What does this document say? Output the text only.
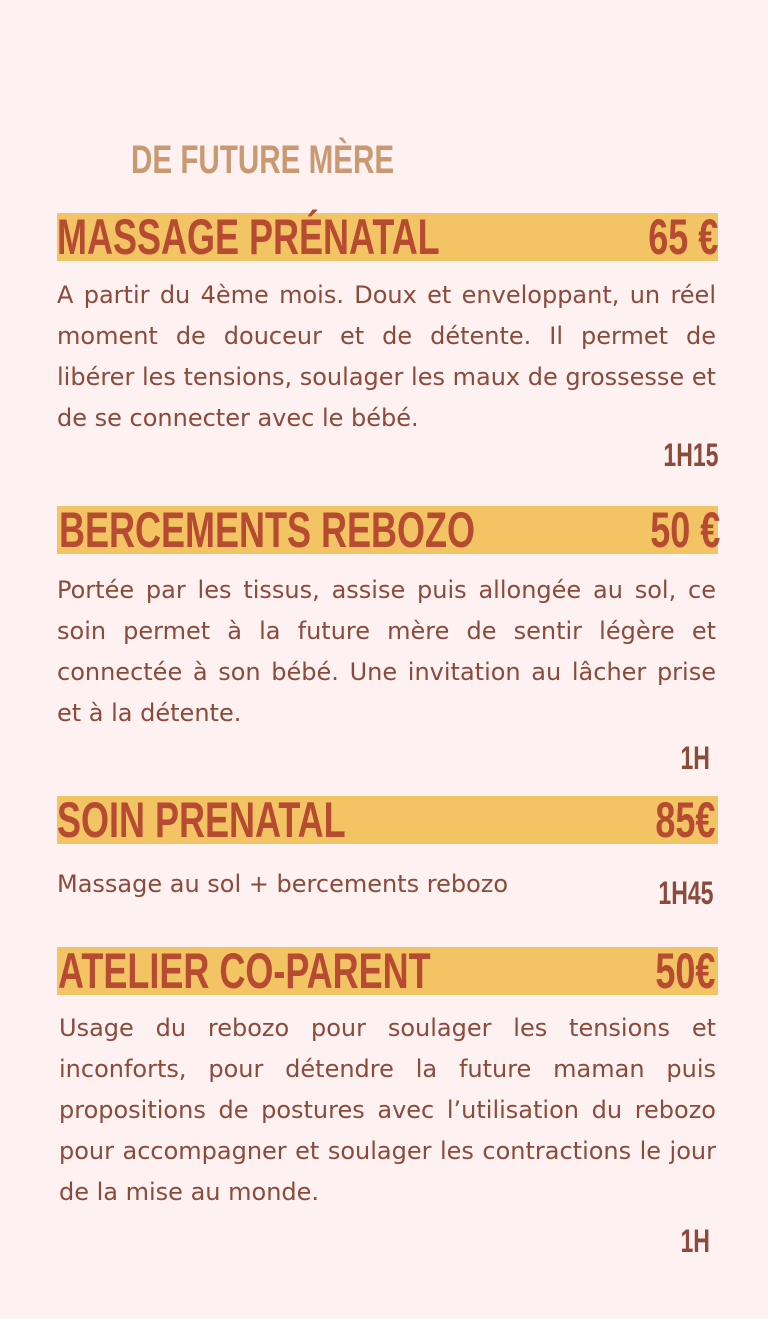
DE FUTURE MÈRE
MASSAGE PRÉNATAL	65 €

A partir du 4ème mois. Doux et enveloppant, un réel moment de douceur et de détente. Il permet de libérer les tensions, soulager les maux de grossesse et de se connecter avec le bébé.

1H15
BERCEMENTS REBOZO	50 €

Portée par les tissus, assise puis allongée au sol, ce soin permet à la future mère de sentir légère et connectée à son bébé. Une invitation au lâcher prise et à la détente.

1H
SOIN PRENATAL	85€

Massage au sol + bercements rebozo	1H45
ATELIER CO-PARENT	50€

Usage du rebozo pour soulager les tensions et inconforts, pour détendre la future maman puis propositions de postures avec l’utilisation du rebozo pour accompagner et soulager les contractions le jour de la mise au monde.

1H
